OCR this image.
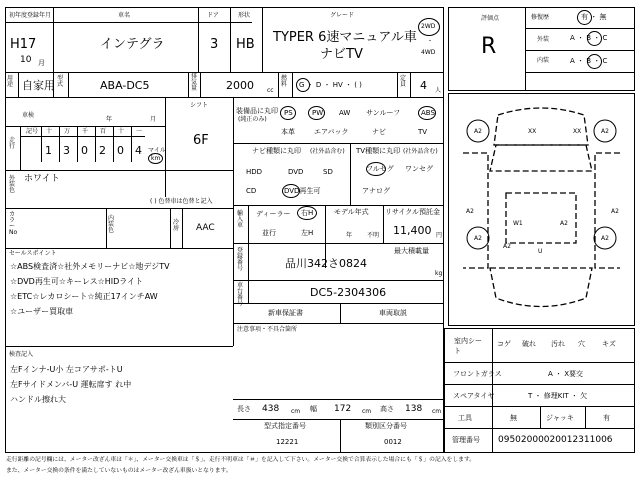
初年度登録年月	車名	ドア	形状	グレード
H17
10 月
インテグラ	3 HB TYPER 6速マニュアル車
ナビTV
2WD
・
4WD
用途 自家用
型式	ABA-DC5
排気量	2000 cc
燃料 G ・ D ・ HV ・ ( )
定員 4 人
車検
年	月
シフト
6F
走行
記号 十 万 千 百 十 一
1 3 0 2 0 4 マイル
km
外装色
ホワイト
( ) 色替車は色替と記入
カラーNo
内装色
冷房 AAC
セールスポイント
☆ABS検査済☆社外メモリーナビ☆地デジTV
☆DVD再生可☆キーレス☆HIDライト
☆ETC☆レカロシート☆純正17インチAW
☆ユーザー買取車
装備品に丸印
(純正のみ)
PS	PW AW サンルーフ	ABS
本革	エアバック	ナビ	TV
ナビ種類に丸印 (社外品含む) TV種類に丸印 (社外品含む)
HDD	DVD	SD
CD	DVD再生可
フルセグ ワンセグ
アナログ
輸入車
ディーラー 右H
並行	左H
モデル年式
年 不明
リサイクル預託金
11,400 円
最大積載量
登録番号	品川342さ0824
kg
車台番号
DC5-2304306
新車保証書	車両取説
注意事項・不具合箇所
検査記入
左Fインナ-U小 左コアサポ-トU
左Fサイドメンバ-U 運転席す れ中
ハンドル擦れ大
長さ 438 cm 幅 172 cm 高さ 138 cm
型式指定番号
12221
類別区分番号
0012
評価点
R
修復歴	有 ・ 無
外装	A ・ B ・ C
内装	A ・ B ・ C
A2	A2
A2	A2
XX	XX
A2	A2
W1	A2
A2
U
室内シート
コゲ 破れ 汚れ 穴 キズ
フロントガラス	A ・ X要交
スペアタイヤ	T ・ 修理KIT ・ 欠
工具	無	ジャッキ	有
管理番号 09502000020012311006
走行距離の記号欄には、メーター改ざん車は「＊」、メーター交換車は「＄」、走行不明車は「＃」を記入して下さい。メーター交換で合算表示した場合にも「＄」の記入をします。
また、メーター交換の条件を満たしていないものはメーター改ざん車扱いとなります。
